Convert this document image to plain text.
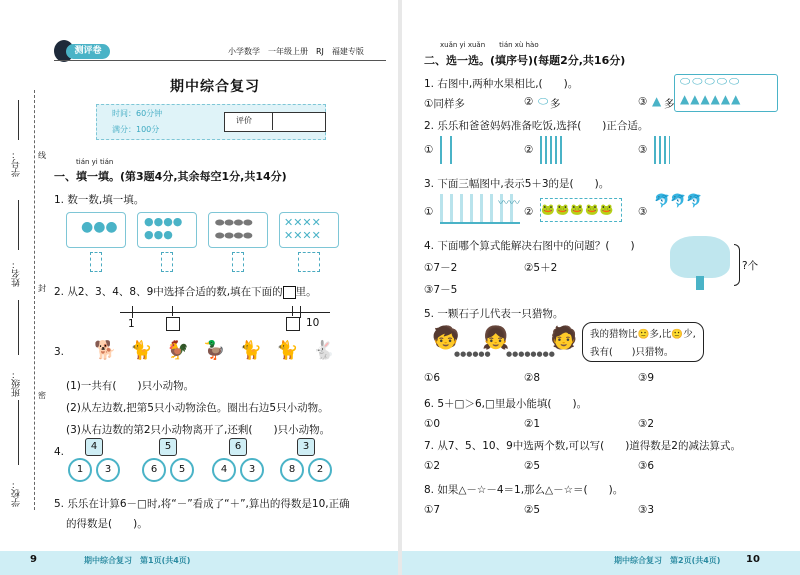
学号：
姓名：
班级：
学校：
线
封
密
测评卷	小学数学　一年级上册　RJ　福建专版
期中综合复习
时间：60分钟
满分：100分
评价
tián yi tián
一、填一填。(第3题4分,其余每空1分,共14分)
1. 数一数,填一填。
●●● ●●●●
●●●
⬬⬬⬬⬬
⬬⬬⬬⬬
✕✕✕✕
✕✕✕✕
2. 从2、3、4、8、9中选择合适的数,填在下面的 里。
1	10
3. 🐕🐈🐓🦆🐈🐈🐇
(1)一共有(　　)只小动物。
(2)从左边数,把第5只小动物涂色。圈出右边5只小动物。
(3)从右边数的第2只小动物离开了,还剩(　　)只小动物。
4.	4
1	3
5
6	5
6
4	3
3
8	2
5. 乐乐在计算6－□时,将“－”看成了“＋”,算出的得数是10,正确
的得数是(　　)。
9	期中综合复习　第1页(共4页)
xuǎn yi xuǎn　　tián xù hào
二、选一选。(填序号)(每题2分,共16分)
1. 右图中,两种水果相比,(　　)。	⬭⬭⬭⬭⬭
▲▲▲▲▲▲
①同样多	② ⬭ 多	③ ▲ 多
2. 乐乐和爸爸妈妈准备吃饭,选择(　　)正合适。
①	②	③
3. 下面三幅图中,表示5＋3的是(　　)。
①
〰〰
② 🐸🐸🐸🐸🐸	③
🐬🐬🐬
4. 下面哪个算式能解决右图中的问题？(　　)
①7－2	②5＋2
③7－5
?个
5. 一颗石子儿代表一只猎物。
🧒 👧
●●●●●● ●●●●●●●●
🧑 我的猎物比🙂多,比🙂少,
我有(　　)只猎物。
①6	②8	③9
6. 5＋□＞6,□里最小能填(　　)。
①0	②1	③2
7. 从7、5、10、9中选两个数,可以写(　　)道得数是2的减法算式。
①2	②5	③6
8. 如果△－☆－4＝1,那么△－☆＝(　　)。
①7	②5	③3
期中综合复习　第2页(共4页)	10
